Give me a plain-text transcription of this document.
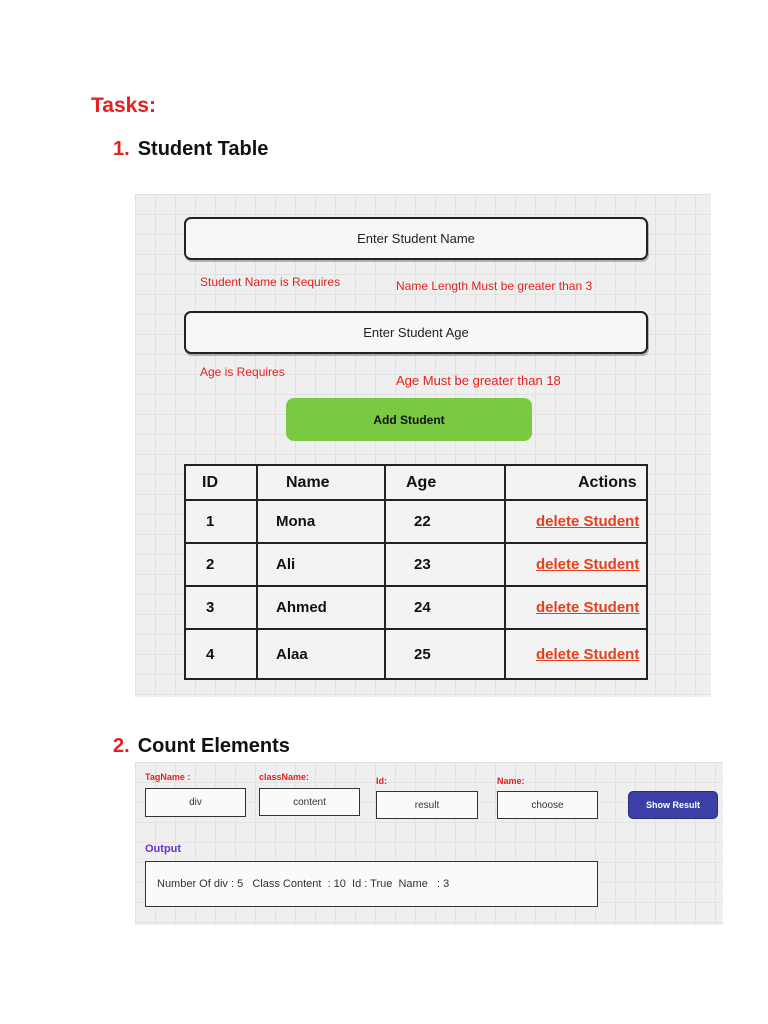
Tasks:
1. Student Table
Enter Student Name
Student Name is Requires	Name Length Must be greater than 3
Enter Student Age
Age is Requires
Age Must be greater than 18
Add Student
ID	Name	Age	Actions
1	Mona	22	delete Student
2	Ali	23	delete Student
3	Ahmed	24	delete Student
4	Alaa	25	delete Student
2. Count Elements
TagName :
div
className:
content
Id:
result
Name:
choose	Show Result
Output
Number Of div : 5   Class Content  : 10  Id : True  Name   : 3
